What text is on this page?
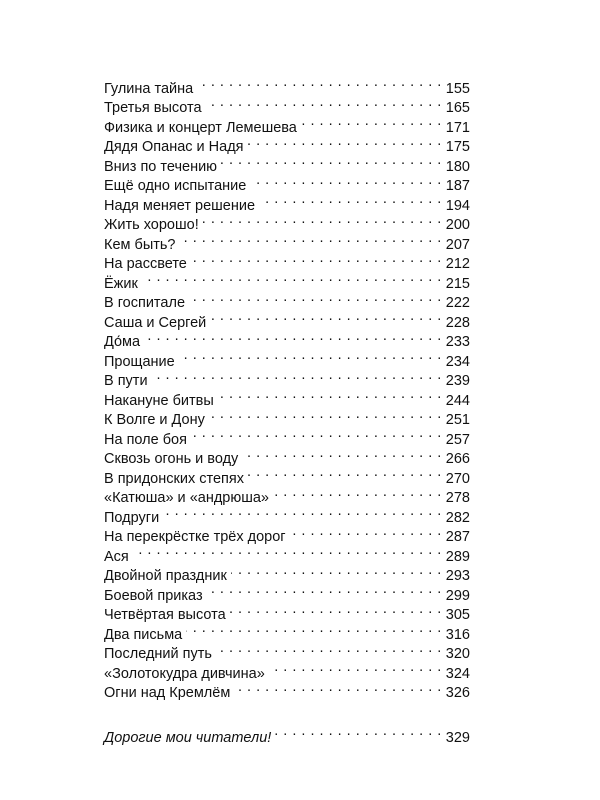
Гулина тайна . . .	155
Третья высота . . .	165
Физика и концерт Лемешева . . .	171
Дядя Опанас и Надя . . .	175
Вниз по течению . . .	180
Ещё одно испытание . . .	187
Надя меняет решение . . .	194
Жить хорошо! . . .	200
Кем быть? . . .	207
На рассвете . . .	212
Ёжик . . .	215
В госпитале . . .	222
Саша и Сергей . . .	228
До́ма . . .	233
Прощание . . .	234
В пути . . .	239
Накануне битвы . . .	244
К Волге и Дону . . .	251
На поле боя . . .	257
Сквозь огонь и воду . . .	266
В придонских степях . . .	270
«Катюша» и «андрюша» . . .	278
Подруги . . .	282
На перекрёстке трёх дорог . . .	287
Ася . . .	289
Двойной праздник . . .	293
Боевой приказ . . .	299
Четвёртая высота . . .	305
Два письма . . .	316
Последний путь . . .	320
«Золотокудра дивчина» . . .	324
Огни над Кремлём . . .	326
Дорогие мои читатели! . . .	329
